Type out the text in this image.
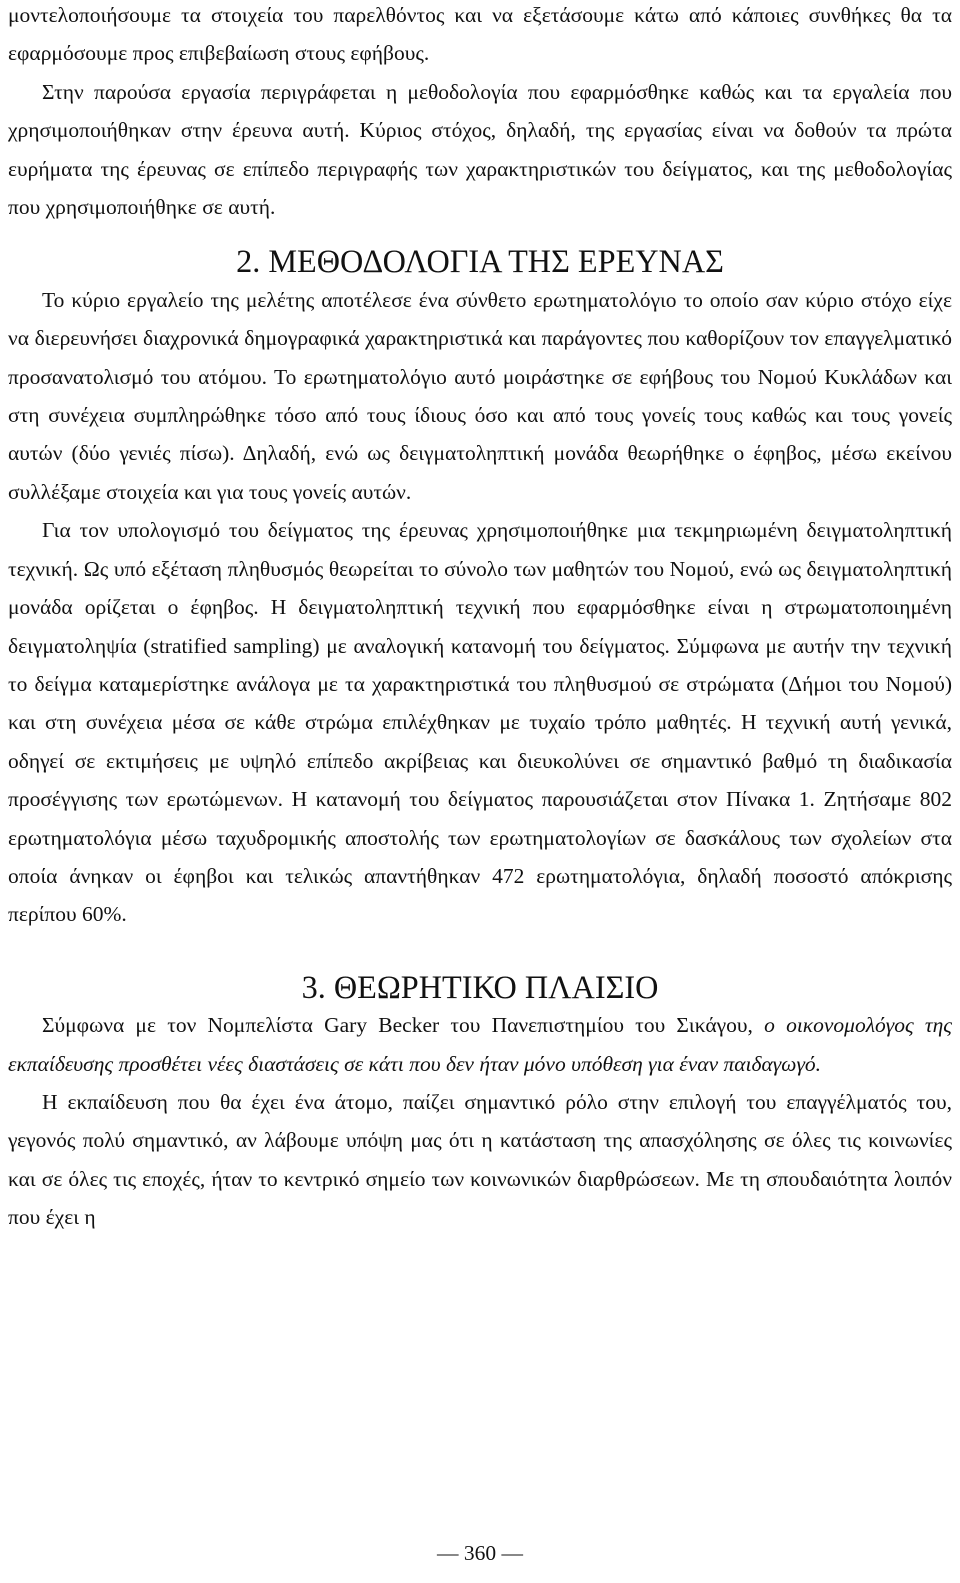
μοντελοποιήσουμε τα στοιχεία του παρελθόντος και να εξετάσουμε κάτω από κάποιες συνθήκες θα τα εφαρμόσουμε προς επιβεβαίωση στους εφήβους.

Στην παρούσα εργασία περιγράφεται η μεθοδολογία που εφαρμόσθηκε καθώς και τα εργαλεία που χρησιμοποιήθηκαν στην έρευνα αυτή. Κύριος στόχος, δηλαδή, της εργασίας είναι να δοθούν τα πρώτα ευρήματα της έρευνας σε επίπεδο περιγραφής των χαρακτηριστικών του δείγματος, και της μεθοδολογίας που χρησιμοποιήθηκε σε αυτή.

2. ΜΕΘΟΔΟΛΟΓΙΑ ΤΗΣ ΕΡΕΥΝΑΣ

Το κύριο εργαλείο της μελέτης αποτέλεσε ένα σύνθετο ερωτηματολόγιο το οποίο σαν κύριο στόχο είχε να διερευνήσει διαχρονικά δημογραφικά χαρακτηριστικά και παράγοντες που καθορίζουν τον επαγγελματικό προσανατολισμό του ατόμου. Το ερωτηματολόγιο αυτό μοιράστηκε σε εφήβους του Νομού Κυκλάδων και στη συνέχεια συμπληρώθηκε τόσο από τους ίδιους όσο και από τους γονείς τους καθώς και τους γονείς αυτών (δύο γενιές πίσω). Δηλαδή, ενώ ως δειγματοληπτική μονάδα θεωρήθηκε ο έφηβος, μέσω εκείνου συλλέξαμε στοιχεία και για τους γονείς αυτών.

Για τον υπολογισμό του δείγματος της έρευνας χρησιμοποιήθηκε μια τεκμηριωμένη δειγματοληπτική τεχνική. Ως υπό εξέταση πληθυσμός θεωρείται το σύνολο των μαθητών του Νομού, ενώ ως δειγματοληπτική μονάδα ορίζεται ο έφηβος. Η δειγματοληπτική τεχνική που εφαρμόσθηκε είναι η στρωματοποιημένη δειγματοληψία (stratified sampling) με αναλογική κατανομή του δείγματος. Σύμφωνα με αυτήν την τεχνική το δείγμα καταμερίστηκε ανάλογα με τα χαρακτηριστικά του πληθυσμού σε στρώματα (Δήμοι του Νομού) και στη συνέχεια μέσα σε κάθε στρώμα επιλέχθηκαν με τυχαίο τρόπο μαθητές. Η τεχνική αυτή γενικά, οδηγεί σε εκτιμήσεις με υψηλό επίπεδο ακρίβειας και διευκολύνει σε σημαντικό βαθμό τη διαδικασία προσέγγισης των ερωτώμενων. Η κατανομή του δείγματος παρουσιάζεται στον Πίνακα 1. Ζητήσαμε 802 ερωτηματολόγια μέσω ταχυδρομικής αποστολής των ερωτηματολογίων σε δασκάλους των σχολείων στα οποία άνηκαν οι έφηβοι και τελικώς απαντήθηκαν 472 ερωτηματολόγια, δηλαδή ποσοστό απόκρισης περίπου 60%.

3. ΘΕΩΡΗΤΙΚΟ ΠΛΑΙΣΙΟ

Σύμφωνα με τον Νομπελίστα Gary Becker του Πανεπιστημίου του Σικάγου, ο οικονομολόγος της εκπαίδευσης προσθέτει νέες διαστάσεις σε κάτι που δεν ήταν μόνο υπόθεση για έναν παιδαγωγό.

Η εκπαίδευση που θα έχει ένα άτομο, παίζει σημαντικό ρόλο στην επιλογή του επαγγέλματός του, γεγονός πολύ σημαντικό, αν λάβουμε υπόψη μας ότι η κατάσταση της απασχόλησης σε όλες τις κοινωνίες και σε όλες τις εποχές, ήταν το κεντρικό σημείο των κοινωνικών διαρθρώσεων. Με τη σπουδαιότητα λοιπόν που έχει η

— 360 —
